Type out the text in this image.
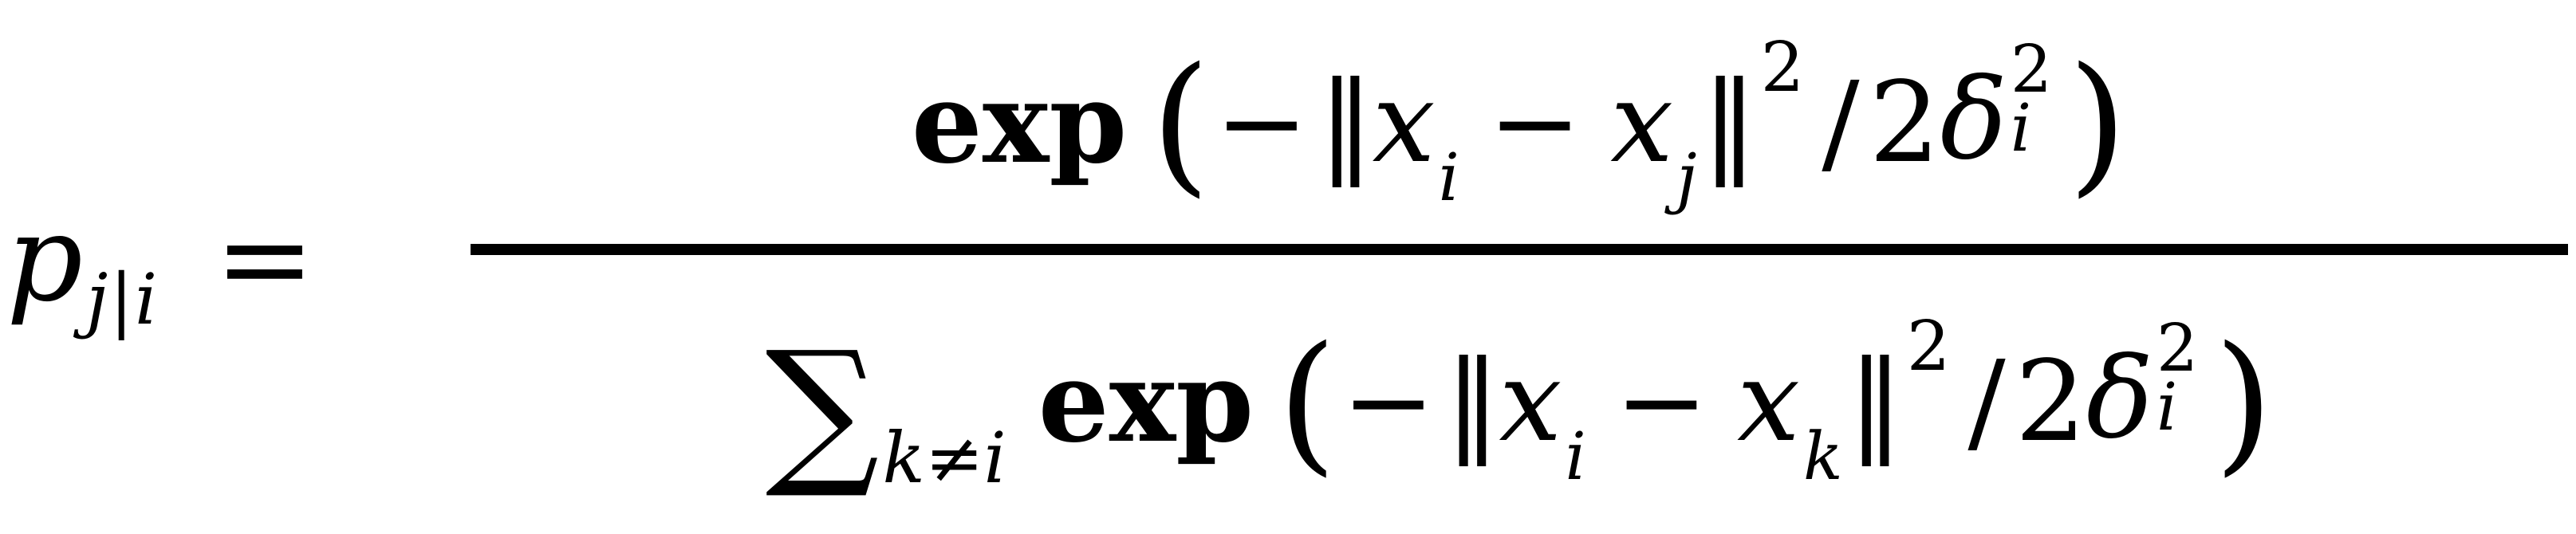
p j|i =
exp ( − ‖ x i − x j ‖ 2 / 2 δ 2
i )
∑ k≠i exp ( − ‖ x i − x k ‖ 2 / 2 δ 2
i )
